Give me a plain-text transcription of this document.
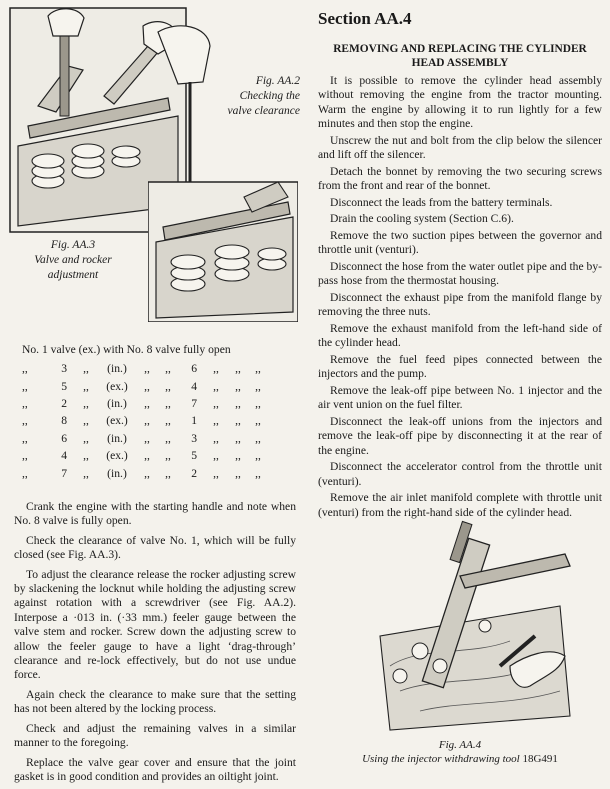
Fig. AA.2
Checking the
valve clearance
Fig. AA.3
Valve and rocker
adjustment
No. 1 valve (ex.) with No. 8 valve fully open
,,	3	,,	(in.)	,,	,,	6	,,	,,	,,
,,	5	,,	(ex.)	,,	,,	4	,,	,,	,,
,,	2	,,	(in.)	,,	,,	7	,,	,,	,,
,,	8	,,	(ex.)	,,	,,	1	,,	,,	,,
,,	6	,,	(in.)	,,	,,	3	,,	,,	,,
,,	4	,,	(ex.)	,,	,,	5	,,	,,	,,
,,	7	,,	(in.)	,,	,,	2	,,	,,	,,

Crank the engine with the starting handle and note when No. 8 valve is fully open.

Check the clearance of valve No. 1, which will be fully closed (see Fig. AA.3).

To adjust the clearance release the rocker adjusting screw by slackening the locknut while holding the adjusting screw against rotation with a screwdriver (see Fig. AA.2). Interpose a ·013 in. (·33 mm.) feeler gauge between the valve stem and rocker. Screw down the adjusting screw to allow the feeler gauge to have a light ‘drag-through’ clearance and re-lock effectively, but do not use undue force.

Again check the clearance to make sure that the setting has not been altered by the locking process.

Check and adjust the remaining valves in a similar manner to the foregoing.

Replace the valve gear cover and ensure that the joint gasket is in good condition and provides an oiltight joint.

Section AA.4
REMOVING AND REPLACING THE CYLINDER HEAD ASSEMBLY

It is possible to remove the cylinder head assembly without removing the engine from the tractor mounting. Warm the engine by allowing it to run lightly for a few minutes and then stop the engine.

Unscrew the nut and bolt from the clip below the silencer and lift off the silencer.

Detach the bonnet by removing the two securing screws from the front and rear of the bonnet.

Disconnect the leads from the battery terminals.

Drain the cooling system (Section C.6).

Remove the two suction pipes between the governor and throttle unit (venturi).

Disconnect the hose from the water outlet pipe and the by-pass hose from the thermostat housing.

Disconnect the exhaust pipe from the manifold flange by removing the three nuts.

Remove the exhaust manifold from the left-hand side of the cylinder head.

Remove the fuel feed pipes connected between the injectors and the pump.

Remove the leak-off pipe between No. 1 injector and the air vent union on the fuel filter.

Disconnect the leak-off unions from the injectors and remove the leak-off pipe by disconnecting it at the rear of the engine.

Disconnect the accelerator control from the throttle unit (venturi).

Remove the air inlet manifold complete with throttle unit (venturi) from the right-hand side of the cylinder head.

Fig. AA.4
Using the injector withdrawing tool 18G491
